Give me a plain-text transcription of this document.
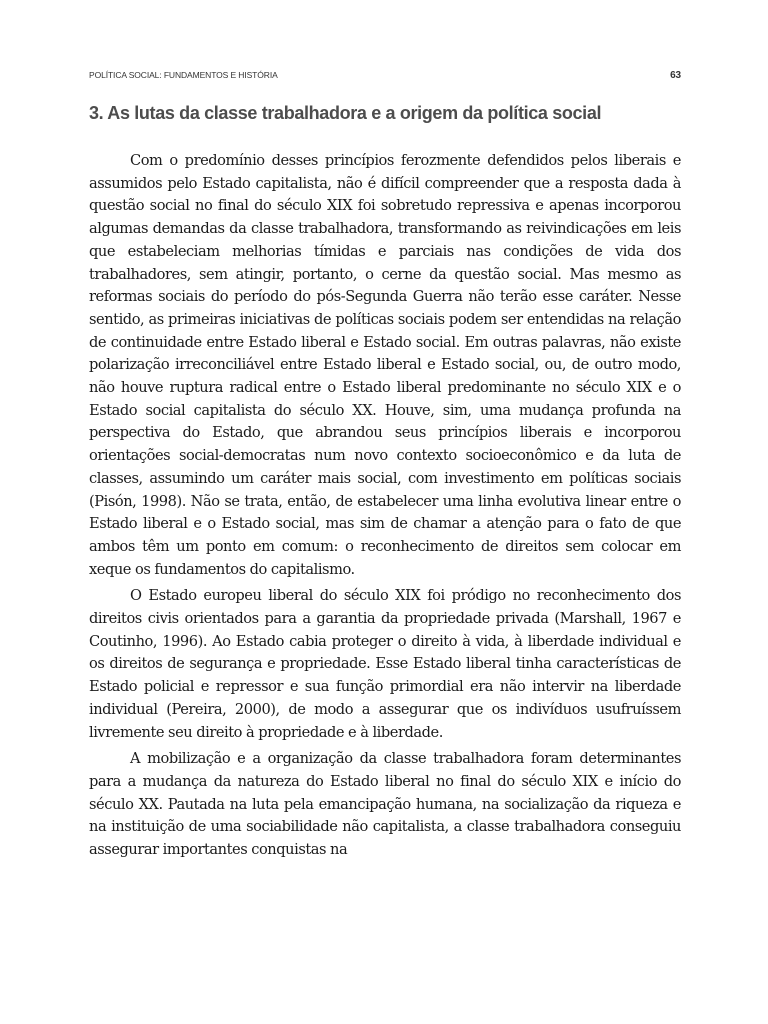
POLÍTICA SOCIAL: FUNDAMENTOS E HISTÓRIA	63
3. As lutas da classe trabalhadora e a origem da política social

Com o predomínio desses princípios ferozmente defendidos pelos liberais e assumidos pelo Estado capitalista, não é difícil compreender que a resposta dada à questão social no final do século XIX foi sobretudo repressiva e apenas incorporou algumas demandas da classe trabalhadora, transformando as reivindicações em leis que estabeleciam melhorias tímidas e parciais nas condições de vida dos trabalhadores, sem atingir, portanto, o cerne da questão social. Mas mesmo as reformas sociais do período do pós-Segunda Guerra não terão esse caráter. Nesse sentido, as primeiras iniciativas de políticas sociais podem ser entendidas na relação de continuidade entre Estado liberal e Estado social. Em outras palavras, não existe polarização irreconciliável entre Estado liberal e Estado social, ou, de outro modo, não houve ruptura radical entre o Estado liberal predominante no século XIX e o Estado social capitalista do século XX. Houve, sim, uma mudança profunda na perspectiva do Estado, que abrandou seus princípios liberais e incorporou orientações social-democratas num novo contexto socioeconômico e da luta de classes, assumindo um caráter mais social, com investimento em políticas sociais (Pisón, 1998). Não se trata, então, de estabelecer uma linha evolutiva linear entre o Estado liberal e o Estado social, mas sim de chamar a atenção para o fato de que ambos têm um ponto em comum: o reconhecimento de direitos sem colocar em xeque os fundamentos do capitalismo.

O Estado europeu liberal do século XIX foi pródigo no reconhecimento dos direitos civis orientados para a garantia da propriedade privada (Marshall, 1967 e Coutinho, 1996). Ao Estado cabia proteger o direito à vida, à liberdade individual e os direitos de segurança e propriedade. Esse Estado liberal tinha características de Estado policial e repressor e sua função primordial era não intervir na liberdade individual (Pereira, 2000), de modo a assegurar que os indivíduos usufruíssem livremente seu direito à propriedade e à liberdade.

A mobilização e a organização da classe trabalhadora foram determinantes para a mudança da natureza do Estado liberal no final do século XIX e início do século XX. Pautada na luta pela emancipação humana, na socialização da riqueza e na instituição de uma sociabilidade não capitalista, a classe trabalhadora conseguiu assegurar importantes conquistas na
